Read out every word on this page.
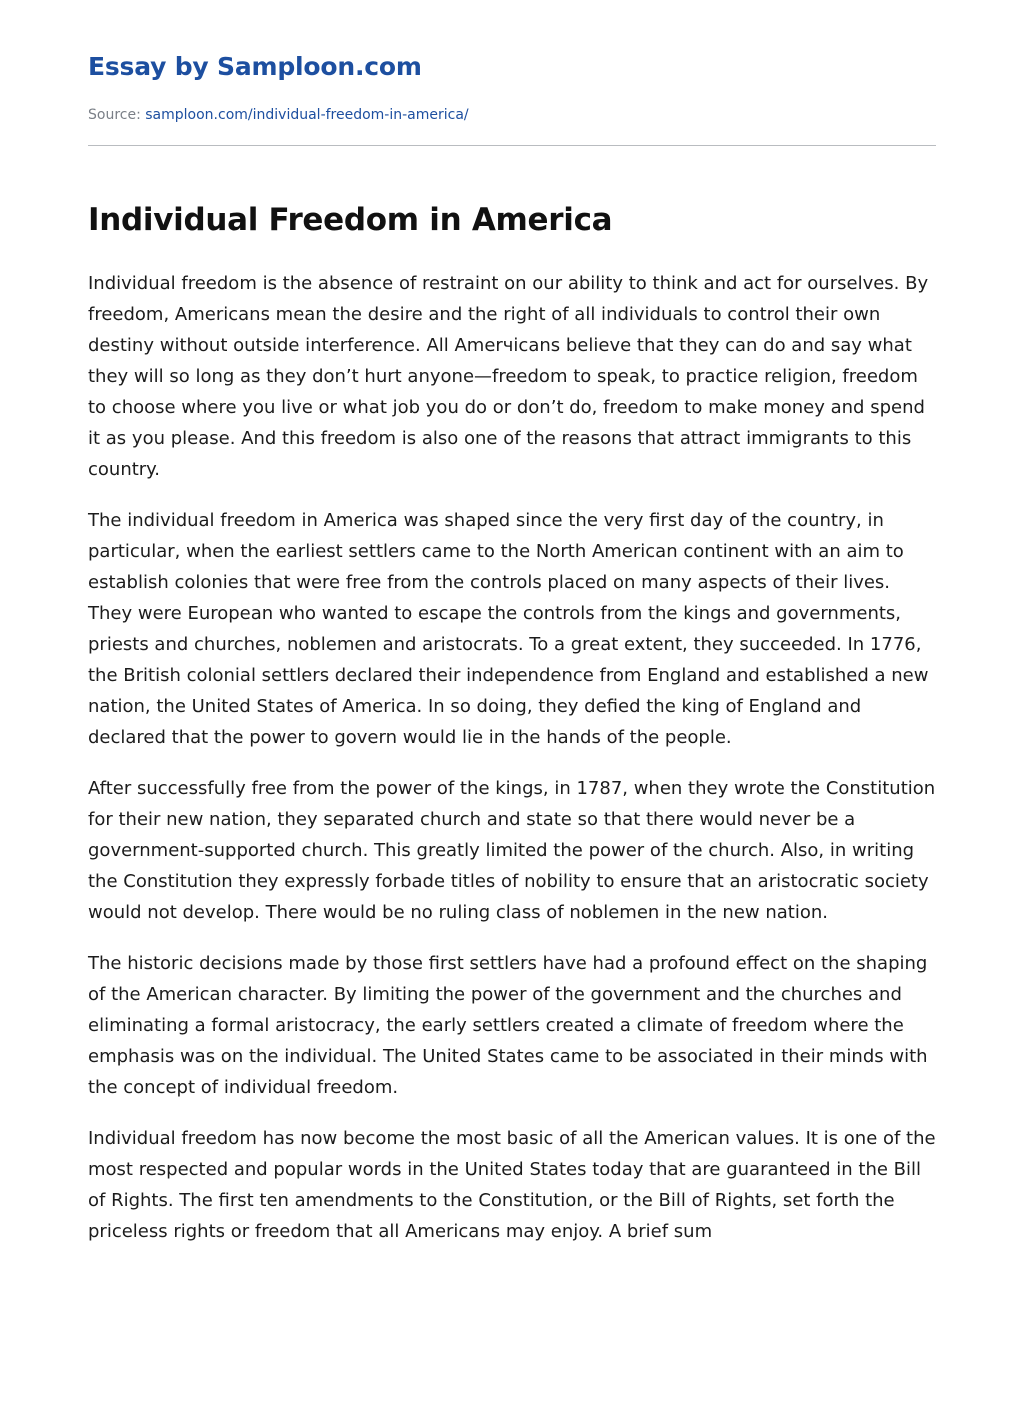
Essay by Samploon.com
Source: samploon.com/individual-freedom-in-america/
Individual Freedom in America

Individual freedom is the absence of restraint on our ability to think and act for ourselves. By freedom, Americans mean the desire and the right of all individuals to control their own destiny without outside interference. All Amerчicans believe that they can do and say what they will so long as they don’t hurt anyone—freedom to speak, to practice religion, freedom to choose where you live or what job you do or don’t do, freedom to make money and spend it as you please. And this freedom is also one of the reasons that attract immigrants to this country.

The individual freedom in America was shaped since the very first day of the country, in particular, when the earliest settlers came to the North American continent with an aim to establish colonies that were free from the controls placed on many aspects of their lives. They were European who wanted to escape the controls from the kings and governments, priests and churches, noblemen and aristocrats. To a great extent, they succeeded. In 1776, the British colonial settlers declared their independence from England and established a new nation, the United States of America. In so doing, they defied the king of England and declared that the power to govern would lie in the hands of the people.

After successfully free from the power of the kings, in 1787, when they wrote the Constitution for their new nation, they separated church and state so that there would never be a government-supported church. This greatly limited the power of the church. Also, in writing the Constitution they expressly forbade titles of nobility to ensure that an aristocratic society would not develop. There would be no ruling class of noblemen in the new nation.

The historic decisions made by those first settlers have had a profound effect on the shaping of the American character. By limiting the power of the government and the churches and eliminating a formal aristocracy, the early settlers created a climate of freedom where the emphasis was on the individual. The United States came to be associated in their minds with the concept of individual freedom.

Individual freedom has now become the most basic of all the American values. It is one of the most respected and popular words in the United States today that are guaranteed in the Bill of Rights. The first ten amendments to the Constitution, or the Bill of Rights, set forth the priceless rights or freedom that all Americans may enjoy. A brief sum
